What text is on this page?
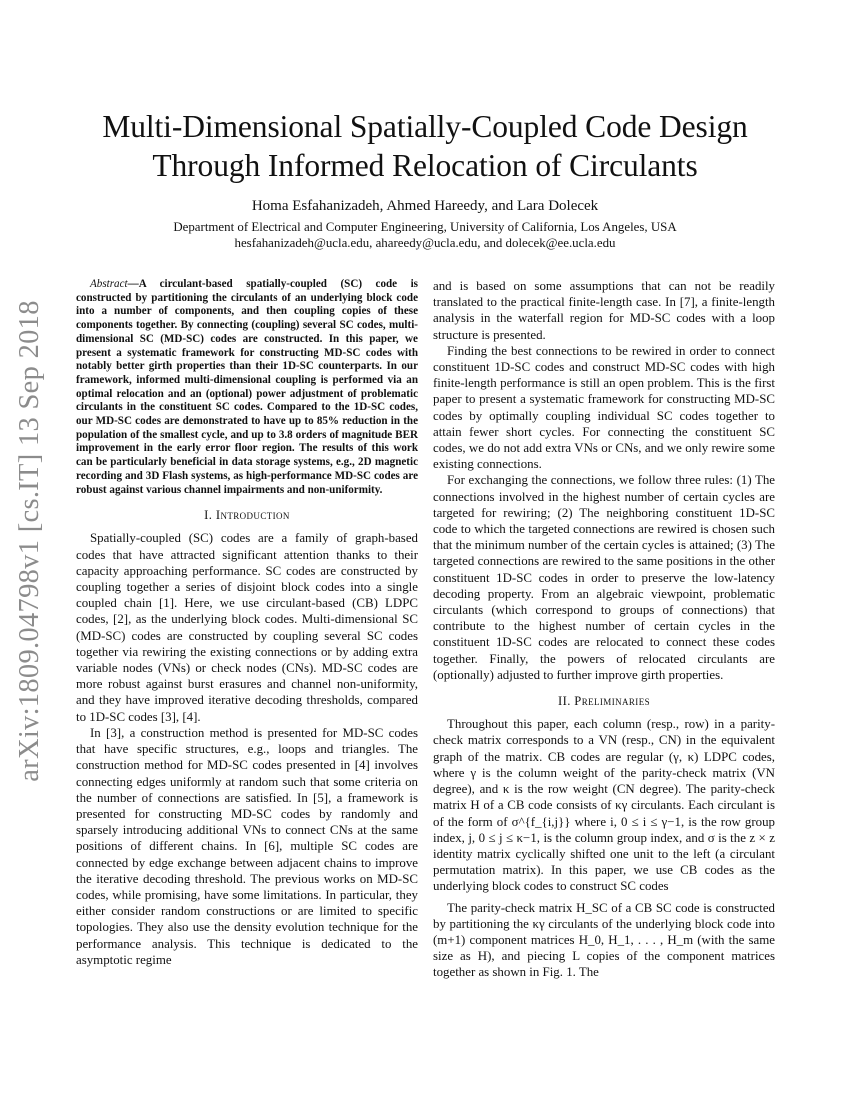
Multi-Dimensional Spatially-Coupled Code Design
Through Informed Relocation of Circulants
Homa Esfahanizadeh, Ahmed Hareedy, and Lara Dolecek
Department of Electrical and Computer Engineering, University of California, Los Angeles, USA
hesfahanizadeh@ucla.edu, ahareedy@ucla.edu, and dolecek@ee.ucla.edu
arXiv:1809.04798v1 [cs.IT] 13 Sep 2018

Abstract—A circulant-based spatially-coupled (SC) code is constructed by partitioning the circulants of an underlying block code into a number of components, and then coupling copies of these components together. By connecting (coupling) several SC codes, multi-dimensional SC (MD-SC) codes are constructed. In this paper, we present a systematic framework for constructing MD-SC codes with notably better girth properties than their 1D-SC counterparts. In our framework, informed multi-dimensional coupling is performed via an optimal relocation and an (optional) power adjustment of problematic circulants in the constituent SC codes. Compared to the 1D-SC codes, our MD-SC codes are demonstrated to have up to 85% reduction in the population of the smallest cycle, and up to 3.8 orders of magnitude BER improvement in the early error floor region. The results of this work can be particularly beneficial in data storage systems, e.g., 2D magnetic recording and 3D Flash systems, as high-performance MD-SC codes are robust against various channel impairments and non-uniformity.

I. Introduction

Spatially-coupled (SC) codes are a family of graph-based codes that have attracted significant attention thanks to their capacity approaching performance. SC codes are constructed by coupling together a series of disjoint block codes into a single coupled chain [1]. Here, we use circulant-based (CB) LDPC codes, [2], as the underlying block codes. Multi-dimensional SC (MD-SC) codes are constructed by coupling several SC codes together via rewiring the existing connections or by adding extra variable nodes (VNs) or check nodes (CNs). MD-SC codes are more robust against burst erasures and channel non-uniformity, and they have improved iterative decoding thresholds, compared to 1D-SC codes [3], [4].

In [3], a construction method is presented for MD-SC codes that have specific structures, e.g., loops and triangles. The construction method for MD-SC codes presented in [4] involves connecting edges uniformly at random such that some criteria on the number of connections are satisfied. In [5], a framework is presented for constructing MD-SC codes by randomly and sparsely introducing additional VNs to connect CNs at the same positions of different chains. In [6], multiple SC codes are connected by edge exchange between adjacent chains to improve the iterative decoding threshold. The previous works on MD-SC codes, while promising, have some limitations. In particular, they either consider random constructions or are limited to specific topologies. They also use the density evolution technique for the performance analysis. This technique is dedicated to the asymptotic regime

and is based on some assumptions that can not be readily translated to the practical finite-length case. In [7], a finite-length analysis in the waterfall region for MD-SC codes with a loop structure is presented.

Finding the best connections to be rewired in order to connect constituent 1D-SC codes and construct MD-SC codes with high finite-length performance is still an open problem. This is the first paper to present a systematic framework for constructing MD-SC codes by optimally coupling individual SC codes together to attain fewer short cycles. For connecting the constituent SC codes, we do not add extra VNs or CNs, and we only rewire some existing connections.

For exchanging the connections, we follow three rules: (1) The connections involved in the highest number of certain cycles are targeted for rewiring; (2) The neighboring constituent 1D-SC code to which the targeted connections are rewired is chosen such that the minimum number of the certain cycles is attained; (3) The targeted connections are rewired to the same positions in the other constituent 1D-SC codes in order to preserve the low-latency decoding property. From an algebraic viewpoint, problematic circulants (which correspond to groups of connections) that contribute to the highest number of certain cycles in the constituent 1D-SC codes are relocated to connect these codes together. Finally, the powers of relocated circulants are (optionally) adjusted to further improve girth properties.

II. Preliminaries

Throughout this paper, each column (resp., row) in a parity-check matrix corresponds to a VN (resp., CN) in the equivalent graph of the matrix. CB codes are regular (γ, κ) LDPC codes, where γ is the column weight of the parity-check matrix (VN degree), and κ is the row weight (CN degree). The parity-check matrix H of a CB code consists of κγ circulants. Each circulant is of the form of σ^{f_{i,j}} where i, 0 ≤ i ≤ γ−1, is the row group index, j, 0 ≤ j ≤ κ−1, is the column group index, and σ is the z × z identity matrix cyclically shifted one unit to the left (a circulant permutation matrix). In this paper, we use CB codes as the underlying block codes to construct SC codes

The parity-check matrix H_SC of a CB SC code is constructed by partitioning the κγ circulants of the underlying block code into (m+1) component matrices H_0, H_1, . . . , H_m (with the same size as H), and piecing L copies of the component matrices together as shown in Fig. 1. The
